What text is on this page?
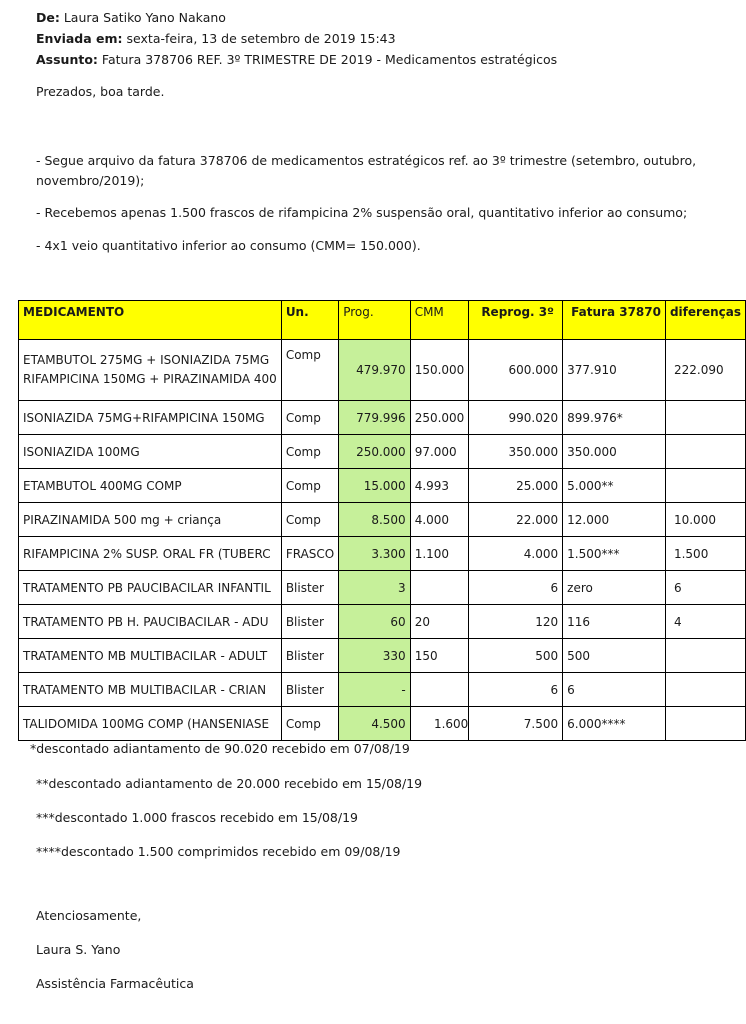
De: Laura Satiko Yano Nakano
Enviada em: sexta-feira, 13 de setembro de 2019 15:43
Assunto: Fatura 378706 REF. 3º TRIMESTRE DE 2019 - Medicamentos estratégicos
Prezados, boa tarde.
- Segue arquivo da fatura 378706 de medicamentos estratégicos ref. ao 3º trimestre (setembro, outubro,
novembro/2019);
- Recebemos apenas 1.500 frascos de rifampicina 2% suspensão oral, quantitativo inferior ao consumo;
- 4x1 veio quantitativo inferior ao consumo (CMM= 150.000).
MEDICAMENTO	Un.	Prog.	CMM	Reprog. 3º	Fatura 37870	diferenças

ETAMBUTOL 275MG + ISONIAZIDA 75MG
RIFAMPICINA 150MG + PIRAZINAMIDA 400	Comp	479.970	150.000	600.000	377.910	222.090
ISONIAZIDA 75MG+RIFAMPICINA 150MG	Comp	779.996	250.000	990.020	899.976*	
ISONIAZIDA 100MG	Comp	250.000	97.000	350.000	350.000	
ETAMBUTOL 400MG COMP	Comp	15.000	4.993	25.000	5.000**	
PIRAZINAMIDA 500 mg + criança	Comp	8.500	4.000	22.000	12.000	10.000
RIFAMPICINA 2% SUSP. ORAL FR (TUBERC	FRASCO	3.300	1.100	4.000	1.500***	1.500
TRATAMENTO PB PAUCIBACILAR INFANTIL	Blister	3		6	zero	6
TRATAMENTO PB H. PAUCIBACILAR - ADU	Blister	60	20	120	116	4
TRATAMENTO MB MULTIBACILAR - ADULT	Blister	330	150	500	500	
TRATAMENTO MB MULTIBACILAR - CRIAN	Blister	-		6	6	
TALIDOMIDA 100MG COMP (HANSENIASE	Comp	4.500	1.600	7.500	6.000****	
*descontado adiantamento de 90.020 recebido em 07/08/19
**descontado adiantamento de 20.000 recebido em 15/08/19
***descontado 1.000 frascos recebido em 15/08/19
****descontado 1.500 comprimidos recebido em 09/08/19
Atenciosamente,
Laura S. Yano
Assistência Farmacêutica
